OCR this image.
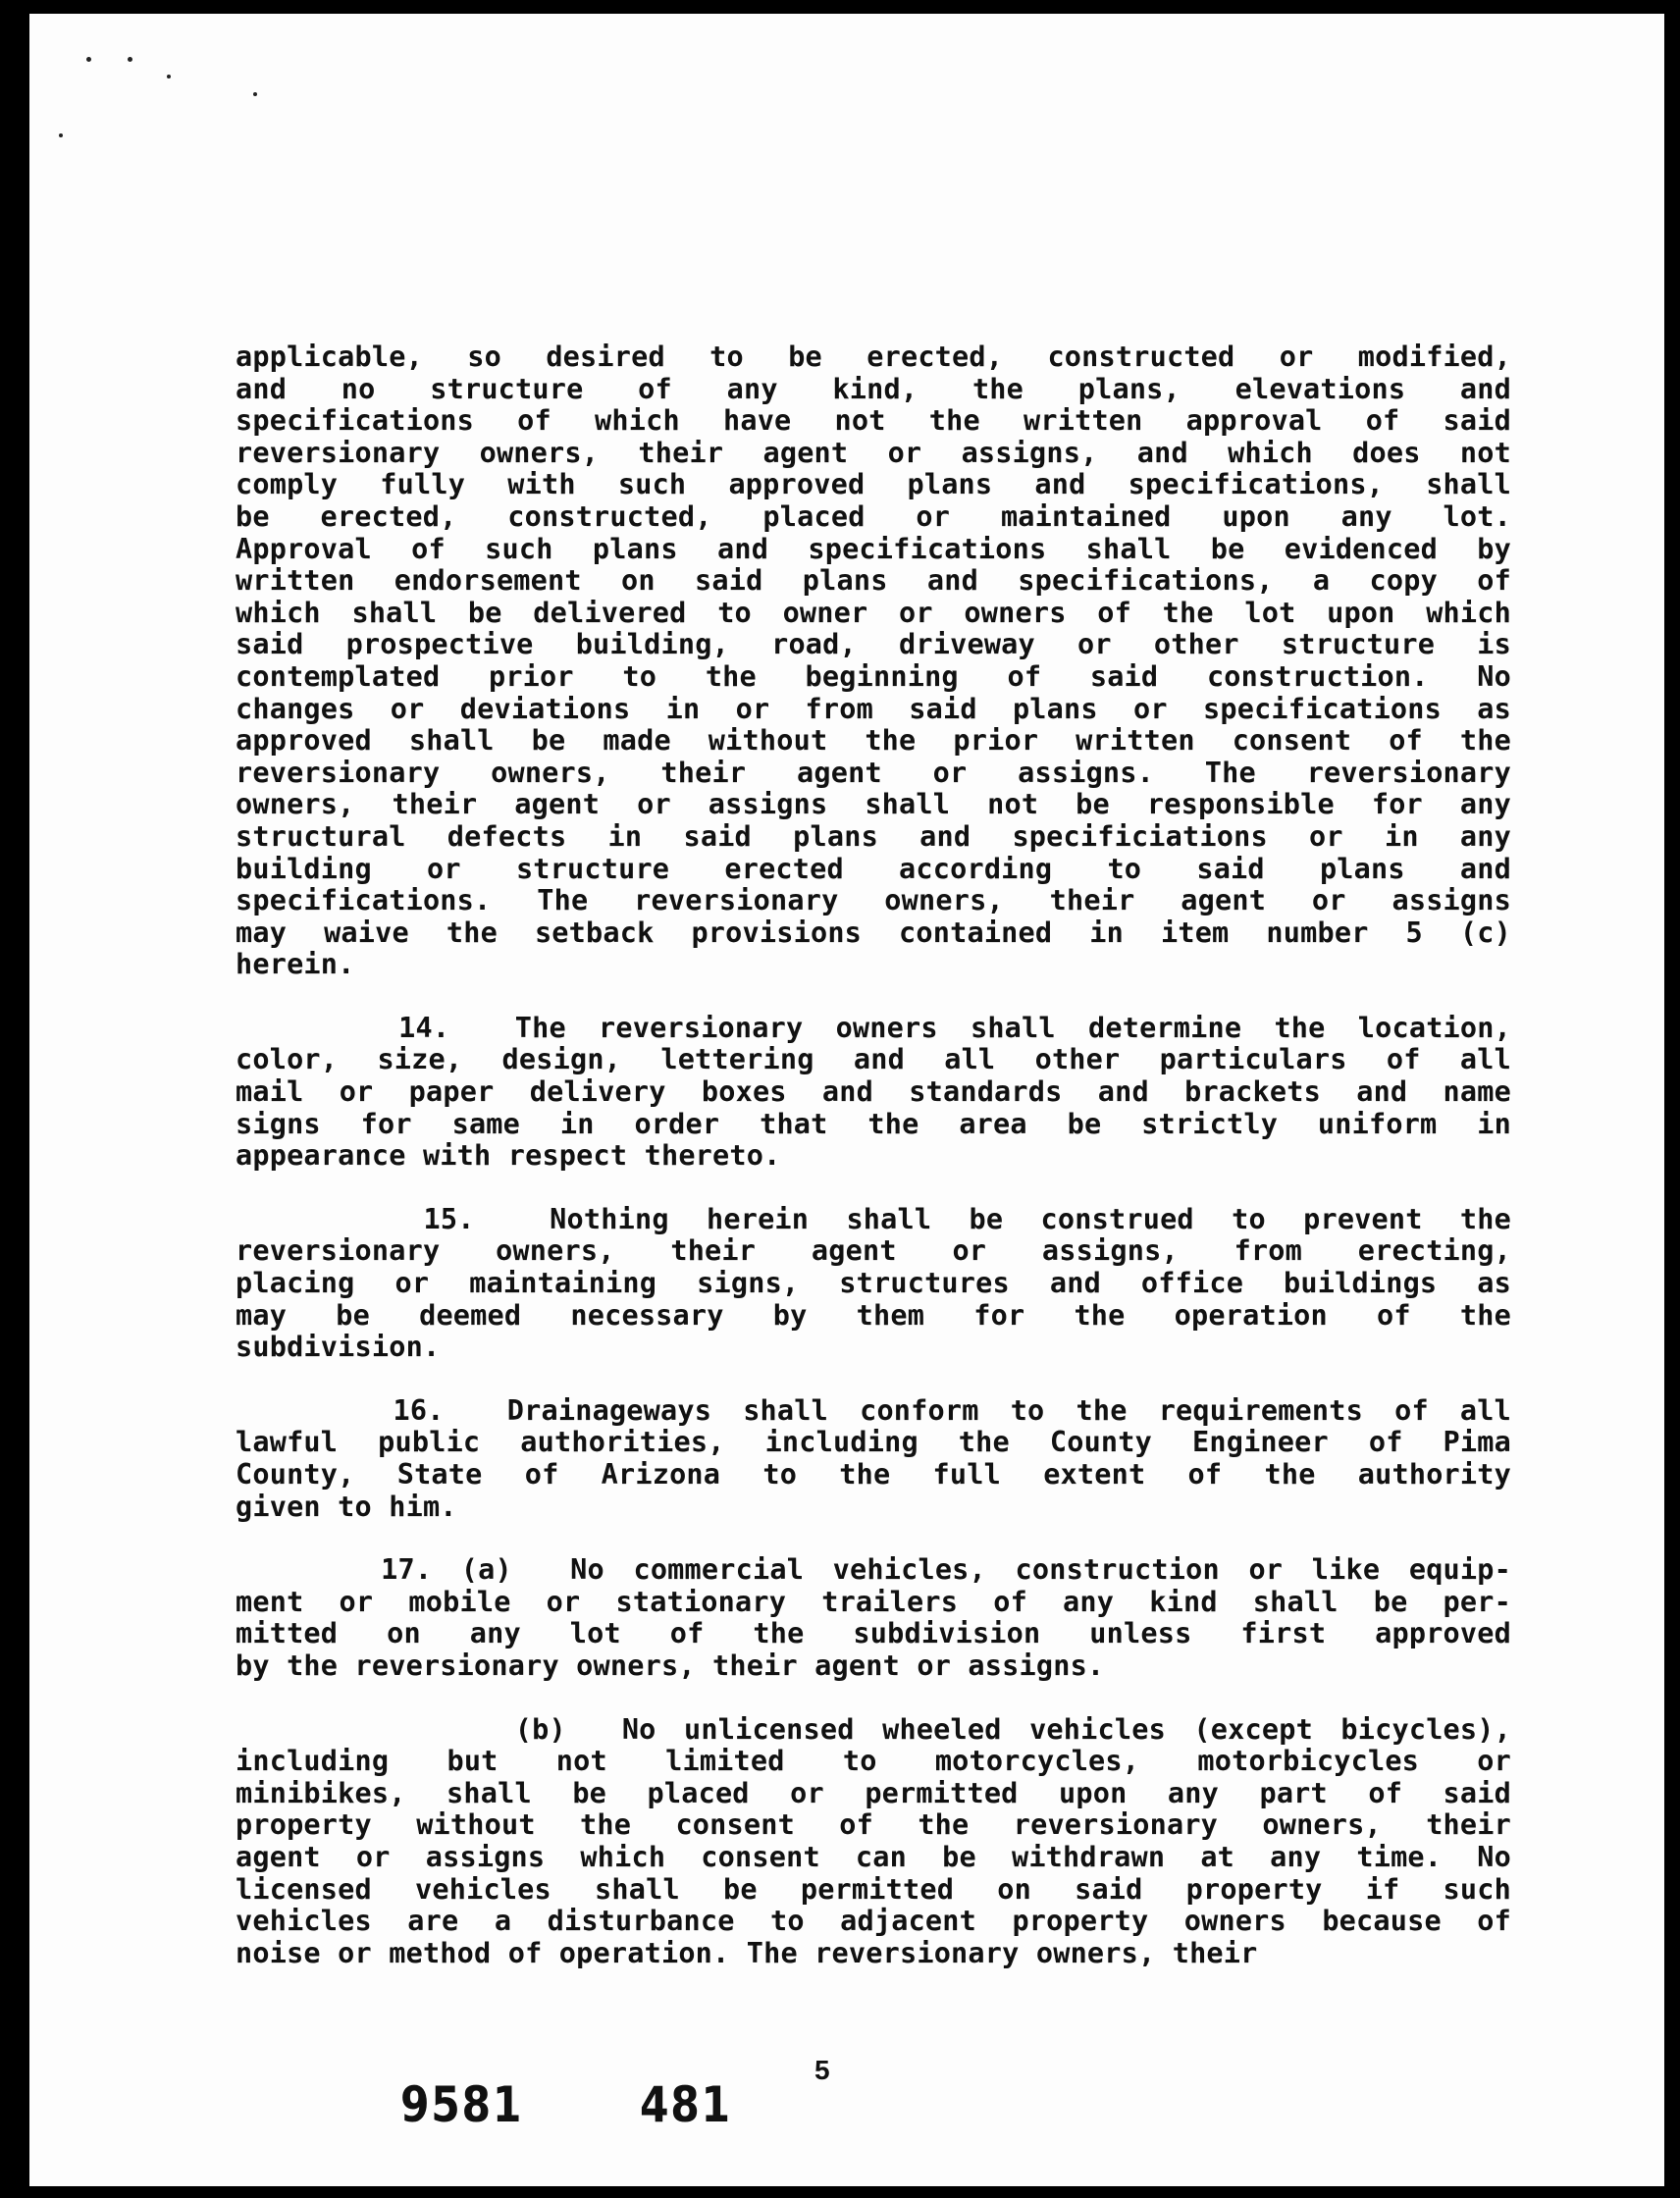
applicable, so desired to be erected, constructed or modified,
and no structure of any kind, the plans, elevations and
specifications of which have not the written approval of said
reversionary owners, their agent or assigns, and which does not
comply fully with such approved plans and specifications, shall
be erected, constructed, placed or maintained upon any lot.
Approval of such plans and specifications shall be evidenced by
written endorsement on said plans and specifications, a copy of
which shall be delivered to owner or owners of the lot upon which
said prospective building, road, driveway or other structure is
contemplated prior to the beginning of said construction. No
changes or deviations in or from said plans or specifications as
approved shall be made without the prior written consent of the
reversionary owners, their agent or assigns. The reversionary
owners, their agent or assigns shall not be responsible for any
structural defects in said plans and specificiations or in any
building or structure erected according to said plans and
specifications. The reversionary owners, their agent or assigns
may waive the setback provisions contained in item number 5 (c)
herein.
14.  The reversionary owners shall determine the location,
color, size, design, lettering and all other particulars of all
mail or paper delivery boxes and standards and brackets and name
signs for same in order that the area be strictly uniform in
appearance with respect thereto.
15.  Nothing herein shall be construed to prevent the
reversionary owners, their agent or assigns, from erecting,
placing or maintaining signs, structures and office buildings as
may be deemed necessary by them for the operation of the
subdivision.
16.  Drainageways shall conform to the requirements of all
lawful public authorities, including the County Engineer of Pima
County, State of Arizona to the full extent of the authority
given to him.
17. (a)  No commercial vehicles, construction or like equip-
ment or mobile or stationary trailers of any kind shall be per-
mitted on any lot of the subdivision unless first approved
by the reversionary owners, their agent or assigns.
(b)  No unlicensed wheeled vehicles (except bicycles),
including but not limited to motorcycles, motorbicycles or
minibikes, shall be placed or permitted upon any part of said
property without the consent of the reversionary owners, their
agent or assigns which consent can be withdrawn at any time. No
licensed vehicles shall be permitted on said property if such
vehicles are a disturbance to adjacent property owners because of
noise or method of operation. The reversionary owners, their
5
9581 481
